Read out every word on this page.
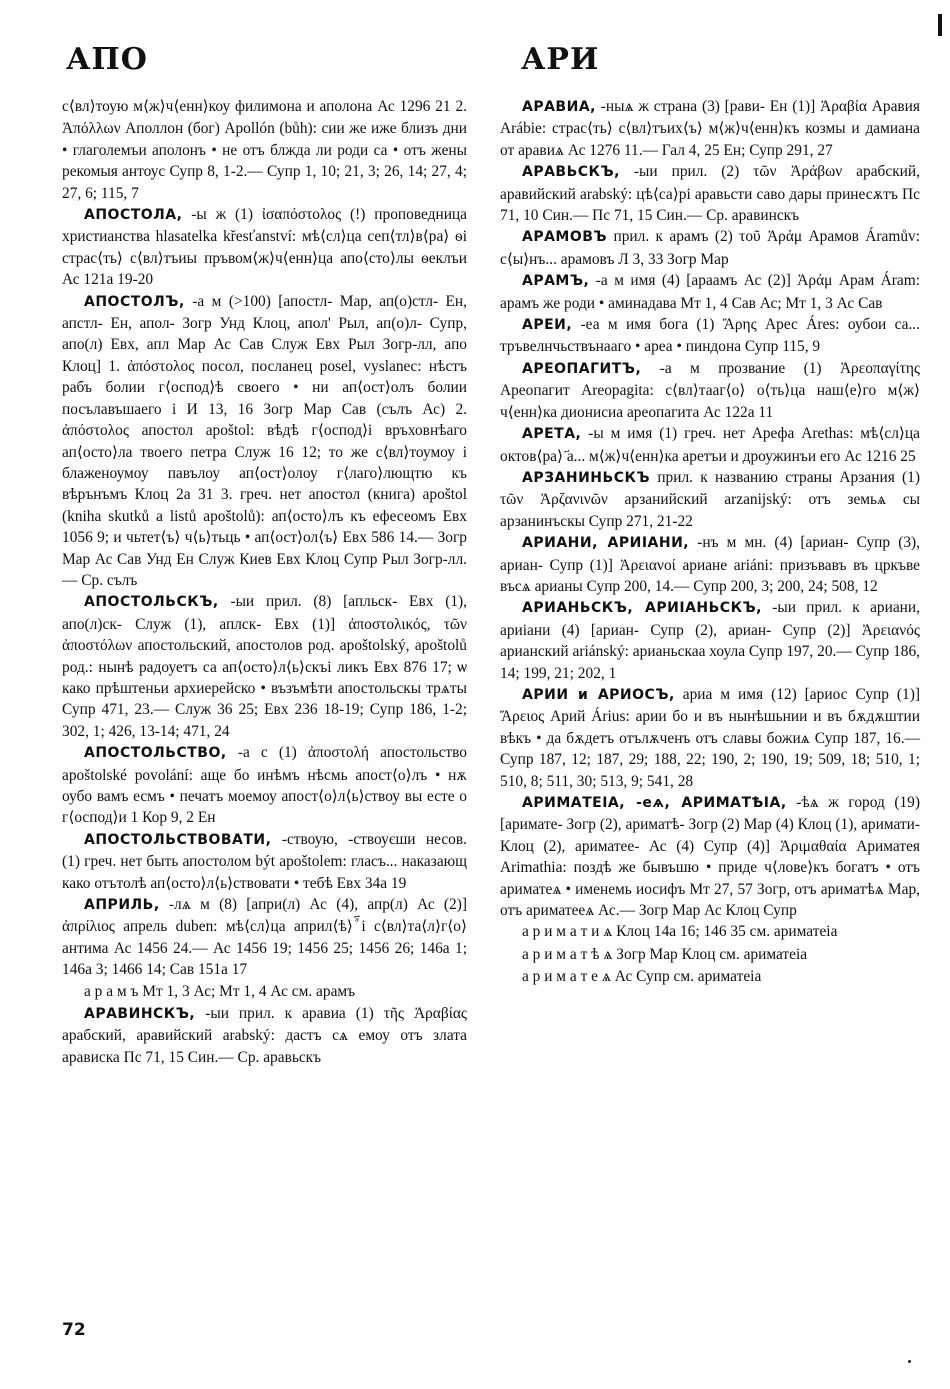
АПО	АРИ

с⟨вл⟩тоую м⟨ж⟩ч⟨енн⟩коу филимона и аполона Ас 1296 21 2. Ἀπόλλων Аполлон (бог) Apollón (bůh): сии же иже близъ дни • глаголемъи аполонъ • не отъ блжда ли роди са • отъ жены рекомыя антоус Супр 8, 1-2.— Супр 1, 10; 21, 3; 26, 14; 27, 4; 27, 6; 115, 7

АПОСТОЛА, -ы ж (1) ἰσαπόστολος (!) проповедница христианства hlasatelka křesťanství: мѣ⟨сл⟩ца сеп⟨тл⟩в⟨ра⟩ ѳі страс⟨ть⟩ с⟨вл⟩тъиы пръвом⟨ж⟩ч⟨енн⟩ца апо⟨сто⟩лы ѳеклъи Ас 121а 19-20

АПОСТОЛЪ, -а м (>100) [апостл- Мар, ап(о)стл- Ен, апстл- Ен, апол- Зогр Унд Клоц, апол' Рыл, ап(о)л- Супр, апо(л) Евх, апл Мар Ас Сав Служ Евх Рыл Зогр-лл, апо Клоц] 1. ἀπόστολος посол, посланец posel, vyslanec: нѣстъ рабъ болии г⟨оспод⟩ѣ своего • ни ап⟨ост⟩олъ болии посълавъшаего і И 13, 16 Зогр Мар Сав (сълъ Ас) 2. ἀπόστολος апостол apoštol: вѣдѣ г⟨оспод⟩і връховнѣаго ап⟨осто⟩ла твоего петра Служ 16 12; то же с⟨вл⟩тоумоу і блаженоумоу павълоу ап⟨ост⟩олоу г⟨лаго⟩лющтю къ вѣрънъмъ Клоц 2а 31 3. греч. нет апостол (книга) apoštol (kniha skutků a listů apoštolů): ап⟨осто⟩лъ къ ефесеомъ Евх 1056 9; и чьтет⟨ъ⟩ ч⟨ь⟩тьць • ап⟨ост⟩ол⟨ъ⟩ Евх 586 14.— Зогр Мар Ас Сав Унд Ен Служ Киев Евх Клоц Супр Рыл Зогр-лл.— Ср. сълъ

АПОСТОЛЬСКЪ, -ыи прил. (8) [апльск- Евх (1), апо(л)ск- Служ (1), аплск- Евх (1)] ἀποστολικός, τῶν ἀποστόλων апостольский, апостолов род. apoštolský, apoštolů род.: нынѣ радоуетъ са ап⟨осто⟩л⟨ь⟩скъі ликъ Евх 876 17; ѡ како прѣштеньи архиерейско • възъмѣти апостольскы трѧты Супр 471, 23.— Служ 36 25; Евх 236 18-19; Супр 186, 1-2; 302, 1; 426, 13-14; 471, 24

АПОСТОЛЬСТВО, -а с (1) ἀποστολή апостольство apoštolské povolání: аще бо инѣмъ нѣсмь апост⟨о⟩лъ • нѫ оубо вамъ есмъ • печатъ моемоу апост⟨о⟩л⟨ь⟩ствоу вы есте о г⟨оспод⟩и 1 Кор 9, 2 Ен

АПОСТОЛЬСТВОВАТИ, -ствоую, -ствоуєши несов. (1) греч. нет быть апостолом být apoštolem: гласъ... наказающ како отътолѣ ап⟨осто⟩л⟨ь⟩ствовати • тебѣ Евх 34а 19

АПРИЛЬ, -лѧ м (8) [апри(л) Ас (4), апр(л) Ас (2)] ἀπρίλιος апрель duben: мѣ⟨сл⟩ца април⟨ѣ⟩ ⷶ҃і с⟨вл⟩та⟨л⟩г⟨о⟩ антима Ас 1456 24.— Ас 1456 19; 1456 25; 1456 26; 146а 1; 146а 3; 1466 14; Сав 151а 17

а р а м ъ Мт 1, 3 Ас; Мт 1, 4 Ас см. арамъ

АРАВИНСКЪ, -ыи прил. к аравиа (1) τῆς Ἀραβίας арабский, аравийский arabský: дастъ сѧ емоу отъ злата арависка Пс 71, 15 Син.— Ср. аравьскъ

АРАВИА, -ныѧ ж страна (3) [рави- Ен (1)] Ἀραβία Аравия Arábie: страс⟨ть⟩ с⟨вл⟩тъих⟨ъ⟩ м⟨ж⟩ч⟨енн⟩къ козмы и дамиана от аравиѧ Ас 1276 11.— Гал 4, 25 Ен; Супр 291, 27

АРАВЬСКЪ, -ыи прил. (2) τῶν Ἀράβων арабский, аравийский arabský: цѣ⟨са⟩рі аравьсти саво дары принесѫтъ Пс 71, 10 Син.— Пс 71, 15 Син.— Ср. аравинскъ

АРАМОВЪ прил. к арамъ (2) τοῦ Ἀράμ Арамов Áramův: с⟨ы⟩нъ... арамовъ Л 3, 33 Зогр Мар

АРАМЪ, -а м имя (4) [араамъ Ас (2)] Ἀράμ Арам Áram: арамъ же роди • аминадава Мт 1, 4 Сав Ас; Мт 1, 3 Ас Сав

АРЕИ, -еа м имя бога (1) Ἄρης Арес Áres: оубои са... тръвелнчьствънааго • ареа • пиндона Супр 115, 9

АРЕОПАГИТЪ, -а м прозвание (1) Ἀρεοπαγίτης Ареопагит Areopagita: с⟨вл⟩тааг⟨о⟩ о⟨ть⟩ца наш⟨е⟩го м⟨ж⟩ч⟨енн⟩ка дионисиа ареопагита Ас 122а 11

АРЕТА, -ы м имя (1) греч. нет Арефа Arethas: мѣ⟨сл⟩ца октов⟨ра⟩ ҃а... м⟨ж⟩ч⟨енн⟩ка аретъи и дроужинъи его Ас 1216 25

АРЗАНИНЬСКЪ прил. к названию страны Арзания (1) τῶν Ἀρζανινῶν арзанийский arzanijský: отъ земьѧ сы арзанинъскы Супр 271, 21-22

АРИАНИ, АРИІАНИ, -нъ м мн. (4) [ариан- Супр (3), ариан- Супр (1)] Ἀρειανοί ариане ariáni: призъвавъ въ цркъве въсѧ арианы Супр 200, 14.— Супр 200, 3; 200, 24; 508, 12

АРИАНЬСКЪ, АРИІАНЬСКЪ, -ыи прил. к ариани, ариіани (4) [ариан- Супр (2), ариан- Супр (2)] Ἀρειανός арианский ariánský: арианьскаа хоула Супр 197, 20.— Супр 186, 14; 199, 21; 202, 1

АРИИ и АРИОСЪ, ариа м имя (12) [ариос Супр (1)] Ἄρειος Арий Árius: арии бо и въ нынѣшьнии и въ бѫдѫштии вѣкъ • да бѫдетъ отълѫченъ отъ славы божиѧ Супр 187, 16.— Супр 187, 12; 187, 29; 188, 22; 190, 2; 190, 19; 509, 18; 510, 1; 510, 8; 511, 30; 513, 9; 541, 28

АРИМАТЕІА, -еѧ, АРИМАТѢІА, -ѣѧ ж город (19) [аримате- Зогр (2), ариматѣ- Зогр (2) Мар (4) Клоц (1), аримати- Клоц (2), ариматее- Ас (4) Супр (4)] Ἀριμαθαία Ариматея Arimathia: поздѣ же бывъшю • приде ч⟨лове⟩къ богатъ • отъ ариматеѧ • именемь иосифъ Мт 27, 57 Зогр, отъ ариматѣѧ Мар, отъ ариматееѧ Ас.— Зогр Мар Ас Клоц Супр

а р и м а т и ѧ Клоц 14а 16; 146 35 см. ариматеіа

а р и м а т ѣ ѧ Зогр Мар Клоц см. ариматеіа

а р и м а т е ѧ Ас Супр см. ариматеіа

72
